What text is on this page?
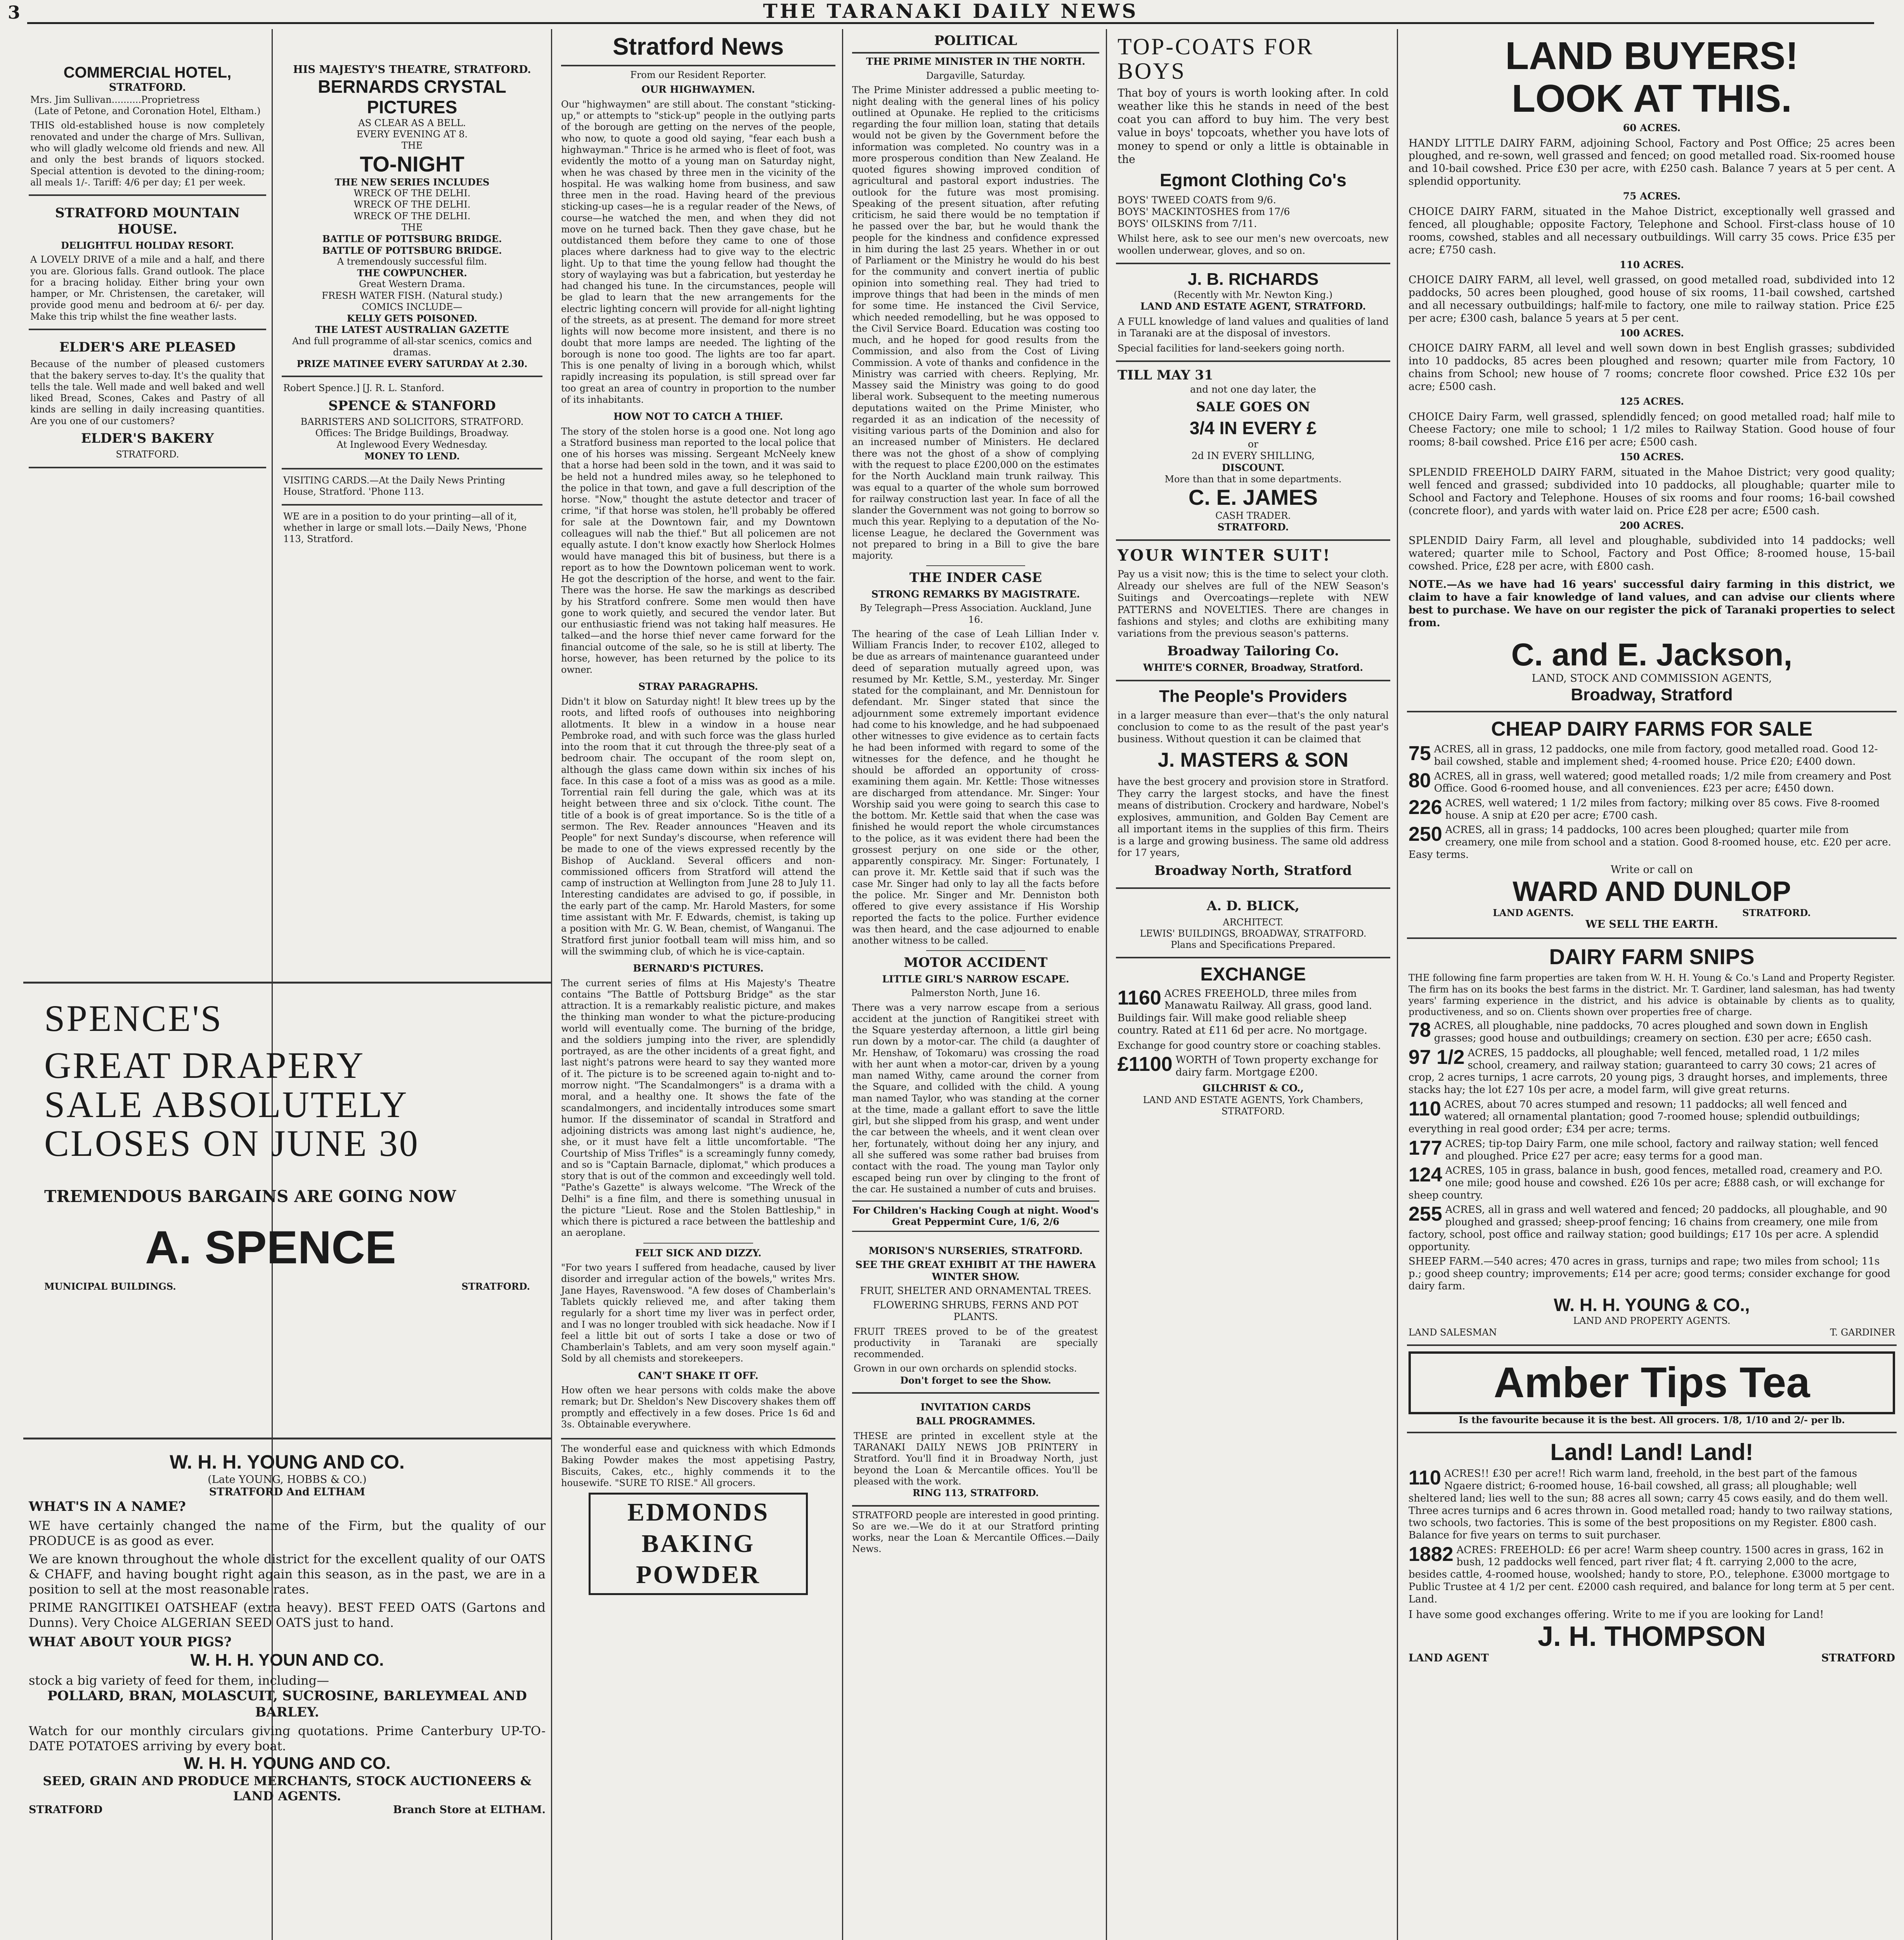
3	THE TARANAKI DAILY NEWS
COMMERCIAL HOTEL,
STRATFORD.
Mrs. Jim Sullivan..........Proprietress
(Late of Petone, and Coronation Hotel, Eltham.)
THIS old-established house is now completely renovated and under the charge of Mrs. Sullivan, who will gladly welcome old friends and new. All and only the best brands of liquors stocked. Special attention is devoted to the dining-room; all meals 1/-. Tariff: 4/6 per day; £1 per week.
STRATFORD MOUNTAIN HOUSE.
DELIGHTFUL HOLIDAY RESORT.
A LOVELY DRIVE of a mile and a half, and there you are. Glorious falls. Grand outlook. The place for a bracing holiday. Either bring your own hamper, or Mr. Christensen, the caretaker, will provide good menu and bedroom at 6/- per day. Make this trip whilst the fine weather lasts.
ELDER'S ARE PLEASED
Because of the number of pleased customers that the bakery serves to-day. It's the quality that tells the tale. Well made and well baked and well liked Bread, Scones, Cakes and Pastry of all kinds are selling in daily increasing quantities. Are you one of our customers?
ELDER'S BAKERY
STRATFORD.
HIS MAJESTY'S THEATRE, STRATFORD.
BERNARDS CRYSTAL PICTURES
AS CLEAR AS A BELL.
EVERY EVENING AT 8.
THE
TO-NIGHT
THE NEW SERIES INCLUDES
WRECK OF THE DELHI.
WRECK OF THE DELHI.
WRECK OF THE DELHI.
THE
BATTLE OF POTTSBURG BRIDGE.
BATTLE OF POTTSBURG BRIDGE.
A tremendously successful film.
THE COWPUNCHER.
Great Western Drama.
FRESH WATER FISH. (Natural study.)
COMICS INCLUDE—
KELLY GETS POISONED.
THE LATEST AUSTRALIAN GAZETTE
And full programme of all-star scenics, comics and dramas.
PRIZE MATINEE EVERY SATURDAY At 2.30.
Robert Spence.] [J. R. L. Stanford.
SPENCE & STANFORD
BARRISTERS AND SOLICITORS, STRATFORD.
Offices: The Bridge Buildings, Broadway.
At Inglewood Every Wednesday.
MONEY TO LEND.
VISITING CARDS.—At the Daily News Printing House, Stratford. 'Phone 113.
WE are in a position to do your printing—all of it, whether in large or small lots.—Daily News, 'Phone 113, Stratford.
SPENCE'S
GREAT DRAPERY
SALE ABSOLUTELY
CLOSES ON JUNE 30
TREMENDOUS BARGAINS ARE GOING NOW
A. SPENCE
MUNICIPAL BUILDINGS.	STRATFORD.
W. H. H. YOUNG AND CO.
(Late YOUNG, HOBBS & CO.)
STRATFORD And ELTHAM
WHAT'S IN A NAME?
WE have certainly changed the name of the Firm, but the quality of our PRODUCE is as good as ever.
We are known throughout the whole district for the excellent quality of our OATS & CHAFF, and having bought right again this season, as in the past, we are in a position to sell at the most reasonable rates.
PRIME RANGITIKEI OATSHEAF (extra heavy). BEST FEED OATS (Gartons and Dunns). Very Choice ALGERIAN SEED OATS just to hand.
WHAT ABOUT YOUR PIGS?
W. H. H. YOUN AND CO.
stock a big variety of feed for them, including—
POLLARD, BRAN, MOLASCUIT, SUCROSINE, BARLEYMEAL AND BARLEY.
Watch for our monthly circulars giving quotations. Prime Canterbury UP-TO-DATE POTATOES arriving by every boat.
W. H. H. YOUNG AND CO.
SEED, GRAIN AND PRODUCE MERCHANTS, STOCK AUCTIONEERS & LAND AGENTS.
STRATFORD	Branch Store at ELTHAM.
Stratford News
From our Resident Reporter.
OUR HIGHWAYMEN.
Our "highwaymen" are still about. The constant "sticking-up," or attempts to "stick-up" people in the outlying parts of the borough are getting on the nerves of the people, who now, to quote a good old saying, "fear each bush a highwayman." Thrice is he armed who is fleet of foot, was evidently the motto of a young man on Saturday night, when he was chased by three men in the vicinity of the hospital. He was walking home from business, and saw three men in the road. Having heard of the previous sticking-up cases—he is a regular reader of the News, of course—he watched the men, and when they did not move on he turned back. Then they gave chase, but he outdistanced them before they came to one of those places where darkness had to give way to the electric light. Up to that time the young fellow had thought the story of waylaying was but a fabrication, but yesterday he had changed his tune. In the circumstances, people will be glad to learn that the new arrangements for the electric lighting concern will provide for all-night lighting of the streets, as at present. The demand for more street lights will now become more insistent, and there is no doubt that more lamps are needed. The lighting of the borough is none too good. The lights are too far apart. This is one penalty of living in a borough which, whilst rapidly increasing its population, is still spread over far too great an area of country in proportion to the number of its inhabitants.
HOW NOT TO CATCH A THIEF.
The story of the stolen horse is a good one. Not long ago a Stratford business man reported to the local police that one of his horses was missing. Sergeant McNeely knew that a horse had been sold in the town, and it was said to be held not a hundred miles away, so he telephoned to the police in that town, and gave a full description of the horse. "Now," thought the astute detector and tracer of crime, "if that horse was stolen, he'll probably be offered for sale at the Downtown fair, and my Downtown colleagues will nab the thief." But all policemen are not equally astute. I don't know exactly how Sherlock Holmes would have managed this bit of business, but there is a report as to how the Downtown policeman went to work. He got the description of the horse, and went to the fair. There was the horse. He saw the markings as described by his Stratford confrere. Some men would then have gone to work quietly, and secured the vendor later. But our enthusiastic friend was not taking half measures. He talked—and the horse thief never came forward for the financial outcome of the sale, so he is still at liberty. The horse, however, has been returned by the police to its owner.
STRAY PARAGRAPHS.
Didn't it blow on Saturday night! It blew trees up by the roots, and lifted roofs of outhouses into neighboring allotments. It blew in a window in a house near Pembroke road, and with such force was the glass hurled into the room that it cut through the three-ply seat of a bedroom chair. The occupant of the room slept on, although the glass came down within six inches of his face. In this case a foot of a miss was as good as a mile. Torrential rain fell during the gale, which was at its height between three and six o'clock. Tithe count. The title of a book is of great importance. So is the title of a sermon. The Rev. Reader announces "Heaven and its People" for next Sunday's discourse, when reference will be made to one of the views expressed recently by the Bishop of Auckland. Several officers and non-commissioned officers from Stratford will attend the camp of instruction at Wellington from June 28 to July 11. Interesting candidates are advised to go, if possible, in the early part of the camp. Mr. Harold Masters, for some time assistant with Mr. F. Edwards, chemist, is taking up a position with Mr. G. W. Bean, chemist, of Wanganui. The Stratford first junior football team will miss him, and so will the swimming club, of which he is vice-captain.
BERNARD'S PICTURES.
The current series of films at His Majesty's Theatre contains "The Battle of Pottsburg Bridge" as the star attraction. It is a remarkably realistic picture, and makes the thinking man wonder to what the picture-producing world will eventually come. The burning of the bridge, and the soldiers jumping into the river, are splendidly portrayed, as are the other incidents of a great fight, and last night's patrons were heard to say they wanted more of it. The picture is to be screened again to-night and to-morrow night. "The Scandalmongers" is a drama with a moral, and a healthy one. It shows the fate of the scandalmongers, and incidentally introduces some smart humor. If the disseminator of scandal in Stratford and adjoining districts was among last night's audience, he, she, or it must have felt a little uncomfortable. "The Courtship of Miss Trifles" is a screamingly funny comedy, and so is "Captain Barnacle, diplomat," which produces a story that is out of the common and exceedingly well told. "Pathe's Gazette" is always welcome. "The Wreck of the Delhi" is a fine film, and there is something unusual in the picture "Lieut. Rose and the Stolen Battleship," in which there is pictured a race between the battleship and an aeroplane.
FELT SICK AND DIZZY.
"For two years I suffered from headache, caused by liver disorder and irregular action of the bowels," writes Mrs. Jane Hayes, Ravenswood. "A few doses of Chamberlain's Tablets quickly relieved me, and after taking them regularly for a short time my liver was in perfect order, and I was no longer troubled with sick headache. Now if I feel a little bit out of sorts I take a dose or two of Chamberlain's Tablets, and am very soon myself again." Sold by all chemists and storekeepers.
CAN'T SHAKE IT OFF.
How often we hear persons with colds make the above remark; but Dr. Sheldon's New Discovery shakes them off promptly and effectively in a few doses. Price 1s 6d and 3s. Obtainable everywhere.
The wonderful ease and quickness with which Edmonds Baking Powder makes the most appetising Pastry, Biscuits, Cakes, etc., highly commends it to the housewife. "SURE TO RISE." All grocers.
EDMONDS BAKING POWDER
POLITICAL
THE PRIME MINISTER IN THE NORTH.
Dargaville, Saturday.
The Prime Minister addressed a public meeting to-night dealing with the general lines of his policy outlined at Opunake. He replied to the criticisms regarding the four million loan, stating that details would not be given by the Government before the information was completed. No country was in a more prosperous condition than New Zealand. He quoted figures showing improved condition of agricultural and pastoral export industries. The outlook for the future was most promising. Speaking of the present situation, after refuting criticism, he said there would be no temptation if he passed over the bar, but he would thank the people for the kindness and confidence expressed in him during the last 25 years. Whether in or out of Parliament or the Ministry he would do his best for the community and convert inertia of public opinion into something real. They had tried to improve things that had been in the minds of men for some time. He instanced the Civil Service, which needed remodelling, but he was opposed to the Civil Service Board. Education was costing too much, and he hoped for good results from the Commission, and also from the Cost of Living Commission. A vote of thanks and confidence in the Ministry was carried with cheers. Replying, Mr. Massey said the Ministry was going to do good liberal work. Subsequent to the meeting numerous deputations waited on the Prime Minister, who regarded it as an indication of the necessity of visiting various parts of the Dominion and also for an increased number of Ministers. He declared there was not the ghost of a show of complying with the request to place £200,000 on the estimates for the North Auckland main trunk railway. This was equal to a quarter of the whole sum borrowed for railway construction last year. In face of all the slander the Government was not going to borrow so much this year. Replying to a deputation of the No-license League, he declared the Government was not prepared to bring in a Bill to give the bare majority.
THE INDER CASE
STRONG REMARKS BY MAGISTRATE.
By Telegraph—Press Association. Auckland, June 16.
The hearing of the case of Leah Lillian Inder v. William Francis Inder, to recover £102, alleged to be due as arrears of maintenance guaranteed under deed of separation mutually agreed upon, was resumed by Mr. Kettle, S.M., yesterday. Mr. Singer stated for the complainant, and Mr. Dennistoun for defendant. Mr. Singer stated that since the adjournment some extremely important evidence had come to his knowledge, and he had subpoenaed other witnesses to give evidence as to certain facts he had been informed with regard to some of the witnesses for the defence, and he thought he should be afforded an opportunity of cross-examining them again. Mr. Kettle: Those witnesses are discharged from attendance. Mr. Singer: Your Worship said you were going to search this case to the bottom. Mr. Kettle said that when the case was finished he would report the whole circumstances to the police, as it was evident there had been the grossest perjury on one side or the other, apparently conspiracy. Mr. Singer: Fortunately, I can prove it. Mr. Kettle said that if such was the case Mr. Singer had only to lay all the facts before the police. Mr. Singer and Mr. Denniston both offered to give every assistance if His Worship reported the facts to the police. Further evidence was then heard, and the case adjourned to enable another witness to be called.
MOTOR ACCIDENT
LITTLE GIRL'S NARROW ESCAPE.
Palmerston North, June 16.
There was a very narrow escape from a serious accident at the junction of Rangitikei street with the Square yesterday afternoon, a little girl being run down by a motor-car. The child (a daughter of Mr. Henshaw, of Tokomaru) was crossing the road with her aunt when a motor-car, driven by a young man named Withy, came around the corner from the Square, and collided with the child. A young man named Taylor, who was standing at the corner at the time, made a gallant effort to save the little girl, but she slipped from his grasp, and went under the car between the wheels, and it went clean over her, fortunately, without doing her any injury, and all she suffered was some rather bad bruises from contact with the road. The young man Taylor only escaped being run over by clinging to the front of the car. He sustained a number of cuts and bruises.
For Children's Hacking Cough at night. Wood's Great Peppermint Cure, 1/6, 2/6
MORISON'S NURSERIES, STRATFORD.
SEE THE GREAT EXHIBIT AT THE HAWERA WINTER SHOW.
FRUIT, SHELTER AND ORNAMENTAL TREES.
FLOWERING SHRUBS, FERNS AND POT PLANTS.
FRUIT TREES proved to be of the greatest productivity in Taranaki are specially recommended.
Grown in our own orchards on splendid stocks.
Don't forget to see the Show.
INVITATION CARDS
BALL PROGRAMMES.
THESE are printed in excellent style at the TARANAKI DAILY NEWS JOB PRINTERY in Stratford. You'll find it in Broadway North, just beyond the Loan & Mercantile offices. You'll be pleased with the work.
RING 113, STRATFORD.
STRATFORD people are interested in good printing. So are we.—We do it at our Stratford printing works, near the Loan & Mercantile Offices.—Daily News.
TOP-COATS FOR BOYS
That boy of yours is worth looking after. In cold weather like this he stands in need of the best coat you can afford to buy him. The very best value in boys' topcoats, whether you have lots of money to spend or only a little is obtainable in the
Egmont Clothing Co's
BOYS' TWEED COATS from 9/6.
BOYS' MACKINTOSHES from 17/6
BOYS' OILSKINS from 7/11.
Whilst here, ask to see our men's new overcoats, new woollen underwear, gloves, and so on.
J. B. RICHARDS
(Recently with Mr. Newton King.)
LAND AND ESTATE AGENT, STRATFORD.
A FULL knowledge of land values and qualities of land in Taranaki are at the disposal of investors.
Special facilities for land-seekers going north.
TILL MAY 31
and not one day later, the
SALE GOES ON
3/4 IN EVERY £
or
2d IN EVERY SHILLING,
DISCOUNT.
More than that in some departments.
C. E. JAMES
CASH TRADER.
STRATFORD.
YOUR WINTER SUIT!
Pay us a visit now; this is the time to select your cloth. Already our shelves are full of the NEW Season's Suitings and Overcoatings—replete with NEW PATTERNS and NOVELTIES. There are changes in fashions and styles; and cloths are exhibiting many variations from the previous season's patterns.
Broadway Tailoring Co.
WHITE'S CORNER, Broadway, Stratford.
The People's Providers
in a larger measure than ever—that's the only natural conclusion to come to as the result of the past year's business. Without question it can be claimed that
J. MASTERS & SON
have the best grocery and provision store in Stratford. They carry the largest stocks, and have the finest means of distribution. Crockery and hardware, Nobel's explosives, ammunition, and Golden Bay Cement are all important items in the supplies of this firm. Theirs is a large and growing business. The same old address for 17 years,
Broadway North, Stratford
A. D. BLICK,
ARCHITECT.
LEWIS' BUILDINGS, BROADWAY, STRATFORD.
Plans and Specifications Prepared.
EXCHANGE
1160 ACRES FREEHOLD, three miles from Manawatu Railway. All grass, good land. Buildings fair. Will make good reliable sheep country. Rated at £11 6d per acre. No mortgage.
Exchange for good country store or coaching stables.
£1100 WORTH of Town property exchange for dairy farm. Mortgage £200.
GILCHRIST & CO.,
LAND AND ESTATE AGENTS, York Chambers, STRATFORD.
LAND BUYERS!
LOOK AT THIS.
60 ACRES.
HANDY LITTLE DAIRY FARM, adjoining School, Factory and Post Office; 25 acres been ploughed, and re-sown, well grassed and fenced; on good metalled road. Six-roomed house and 10-bail cowshed. Price £30 per acre, with £250 cash. Balance 7 years at 5 per cent. A splendid opportunity.
75 ACRES.
CHOICE DAIRY FARM, situated in the Mahoe District, exceptionally well grassed and fenced, all ploughable; opposite Factory, Telephone and School. First-class house of 10 rooms, cowshed, stables and all necessary outbuildings. Will carry 35 cows. Price £35 per acre; £750 cash.
110 ACRES.
CHOICE DAIRY FARM, all level, well grassed, on good metalled road, subdivided into 12 paddocks, 50 acres been ploughed, good house of six rooms, 11-bail cowshed, cartshed and all necessary outbuildings; half-mile to factory, one mile to railway station. Price £25 per acre; £300 cash, balance 5 years at 5 per cent.
100 ACRES.
CHOICE DAIRY FARM, all level and well sown down in best English grasses; subdivided into 10 paddocks, 85 acres been ploughed and resown; quarter mile from Factory, 10 chains from School; new house of 7 rooms; concrete floor cowshed. Price £32 10s per acre; £500 cash.
125 ACRES.
CHOICE Dairy Farm, well grassed, splendidly fenced; on good metalled road; half mile to Cheese Factory; one mile to school; 1 1/2 miles to Railway Station. Good house of four rooms; 8-bail cowshed. Price £16 per acre; £500 cash.
150 ACRES.
SPLENDID FREEHOLD DAIRY FARM, situated in the Mahoe District; very good quality; well fenced and grassed; subdivided into 10 paddocks, all ploughable; quarter mile to School and Factory and Telephone. Houses of six rooms and four rooms; 16-bail cowshed (concrete floor), and yards with water laid on. Price £28 per acre; £500 cash.
200 ACRES.
SPLENDID Dairy Farm, all level and ploughable, subdivided into 14 paddocks; well watered; quarter mile to School, Factory and Post Office; 8-roomed house, 15-bail cowshed. Price, £28 per acre, with £800 cash.
NOTE.—As we have had 16 years' successful dairy farming in this district, we claim to have a fair knowledge of land values, and can advise our clients where best to purchase. We have on our register the pick of Taranaki properties to select from.
C. and E. Jackson,
LAND, STOCK AND COMMISSION AGENTS,
Broadway, Stratford
CHEAP DAIRY FARMS FOR SALE
75 ACRES, all in grass, 12 paddocks, one mile from factory, good metalled road. Good 12-bail cowshed, stable and implement shed; 4-roomed house. Price £20; £400 down.
80 ACRES, all in grass, well watered; good metalled roads; 1/2 mile from creamery and Post Office. Good 6-roomed house, and all conveniences. £23 per acre; £450 down.
226 ACRES, well watered; 1 1/2 miles from factory; milking over 85 cows. Five 8-roomed house. A snip at £20 per acre; £700 cash.
250 ACRES, all in grass; 14 paddocks, 100 acres been ploughed; quarter mile from creamery, one mile from school and a station. Good 8-roomed house, etc. £20 per acre. Easy terms.
Write or call on
WARD AND DUNLOP
LAND AGENTS.	STRATFORD.
WE SELL THE EARTH.
DAIRY FARM SNIPS
THE following fine farm properties are taken from W. H. H. Young & Co.'s Land and Property Register. The firm has on its books the best farms in the district. Mr. T. Gardiner, land salesman, has had twenty years' farming experience in the district, and his advice is obtainable by clients as to quality, productiveness, and so on. Clients shown over properties free of charge.
78 ACRES, all ploughable, nine paddocks, 70 acres ploughed and sown down in English grasses; good house and outbuildings; creamery on section. £30 per acre; £650 cash.
97 1/2 ACRES, 15 paddocks, all ploughable; well fenced, metalled road, 1 1/2 miles school, creamery, and railway station; guaranteed to carry 30 cows; 21 acres of crop, 2 acres turnips, 1 acre carrots, 20 young pigs, 3 draught horses, and implements, three stacks hay; the lot £27 10s per acre, a model farm, will give great returns.
110 ACRES, about 70 acres stumped and resown; 11 paddocks; all well fenced and watered; all ornamental plantation; good 7-roomed house; splendid outbuildings; everything in real good order; £34 per acre; terms.
177 ACRES; tip-top Dairy Farm, one mile school, factory and railway station; well fenced and ploughed. Price £27 per acre; easy terms for a good man.
124 ACRES, 105 in grass, balance in bush, good fences, metalled road, creamery and P.O. one mile; good house and cowshed. £26 10s per acre; £888 cash, or will exchange for sheep country.
255 ACRES, all in grass and well watered and fenced; 20 paddocks, all ploughable, and 90 ploughed and grassed; sheep-proof fencing; 16 chains from creamery, one mile from factory, school, post office and railway station; good buildings; £17 10s per acre. A splendid opportunity.
SHEEP FARM.—540 acres; 470 acres in grass, turnips and rape; two miles from school; 11s p.; good sheep country; improvements; £14 per acre; good terms; consider exchange for good dairy farm.
W. H. H. YOUNG & CO.,
LAND AND PROPERTY AGENTS.
LAND SALESMAN	T. GARDINER
Amber Tips Tea
Is the favourite because it is the best. All grocers. 1/8, 1/10 and 2/- per lb.
Land! Land! Land!
110 ACRES!! £30 per acre!! Rich warm land, freehold, in the best part of the famous Ngaere district; 6-roomed house, 16-bail cowshed, all grass; all ploughable; well sheltered land; lies well to the sun; 88 acres all sown; carry 45 cows easily, and do them well. Three acres turnips and 6 acres thrown in. Good metalled road; handy to two railway stations, two schools, two factories. This is some of the best propositions on my Register. £800 cash. Balance for five years on terms to suit purchaser.
1882 ACRES: FREEHOLD: £6 per acre! Warm sheep country. 1500 acres in grass, 162 in bush, 12 paddocks well fenced, part river flat; 4 ft. carrying 2,000 to the acre, besides cattle, 4-roomed house, woolshed; handy to store, P.O., telephone. £3000 mortgage to Public Trustee at 4 1/2 per cent. £2000 cash required, and balance for long term at 5 per cent. Land.
I have some good exchanges offering. Write to me if you are looking for Land!
J. H. THOMPSON
LAND AGENT	STRATFORD
